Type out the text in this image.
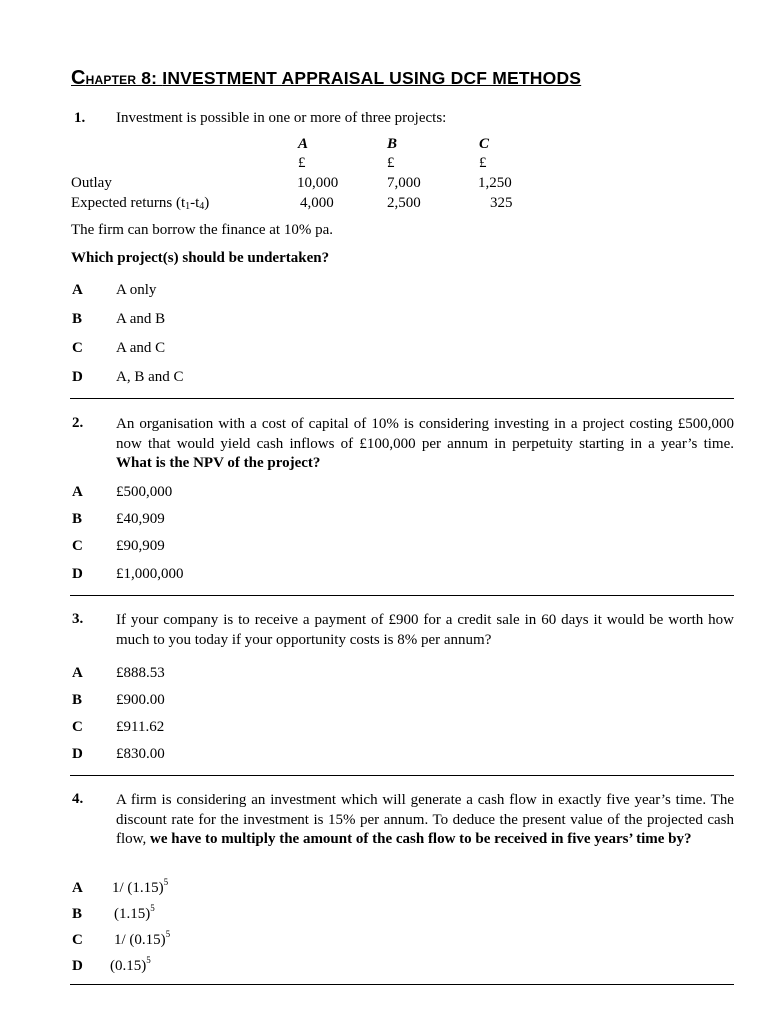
Chapter 8: INVESTMENT APPRAISAL USING DCF METHODS
1. Investment is possible in one or more of three projects:
A	B	C
£	£	£
Outlay	10,000	7,000	1,250
Expected returns $(t_1-t_4)$	4,000	2,500	325
The firm can borrow the finance at 10% pa.
Which project(s) should be undertaken?
A A only
B A and B
C A and C
D A, B and C
2. An organisation with a cost of capital of 10% is considering investing in a project costing £500,000 now that would yield cash inflows of £100,000 per annum in perpetuity starting in a year’s time. What is the NPV of the project?
A £500,000
B £40,909
C £90,909
D £1,000,000
3. If your company is to receive a payment of £900 for a credit sale in 60 days it would be worth how much to you today if your opportunity costs is 8% per annum?
A £888.53
B £900.00
C £911.62
D £830.00
4. A firm is considering an investment which will generate a cash flow in exactly five year’s time. The discount rate for the investment is 15% per annum. To deduce the present value of the projected cash flow, we have to multiply the amount of the cash flow to be received in five years’ time by?
A 1/ $(1.15)^5$
B $(1.15)^5$
C 1/ $(0.15)^5$
D $(0.15)^5$
